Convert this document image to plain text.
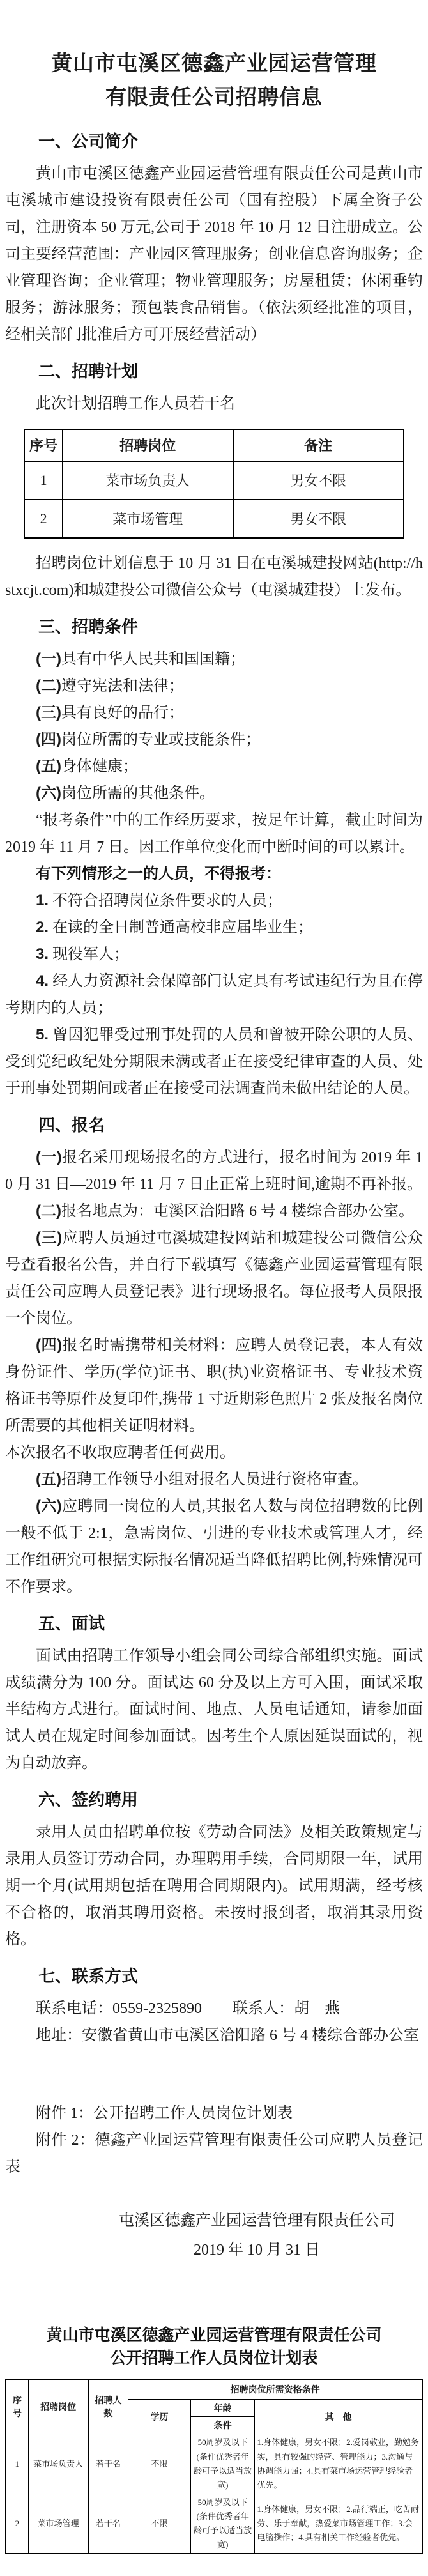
黄山市屯溪区德鑫产业园运营管理
有限责任公司招聘信息
一、公司简介

黄山市屯溪区德鑫产业园运营管理有限责任公司是黄山市屯溪城市建设投资有限责任公司（国有控股）下属全资子公司，注册资本 50 万元,公司于 2018 年 10 月 12 日注册成立。公司主要经营范围：产业园区管理服务；创业信息咨询服务；企业管理咨询；企业管理；物业管理服务；房屋租赁；休闲垂钓服务；游泳服务；预包装食品销售。（依法须经批准的项目，经相关部门批准后方可开展经营活动）

二、招聘计划

此次计划招聘工作人员若干名

序号	招聘岗位	备注
1	菜市场负责人	男女不限
2	菜市场管理	男女不限

招聘岗位计划信息于 10 月 31 日在屯溪城建投网站(http://hstxcjt.com)和城建投公司微信公众号（屯溪城建投）上发布。

三、招聘条件

(一)具有中华人民共和国国籍；

(二)遵守宪法和法律；

(三)具有良好的品行；

(四)岗位所需的专业或技能条件；

(五)身体健康；

(六)岗位所需的其他条件。

“报考条件”中的工作经历要求，按足年计算，截止时间为 2019 年 11 月 7 日。因工作单位变化而中断时间的可以累计。

有下列情形之一的人员，不得报考：

1. 不符合招聘岗位条件要求的人员；

2. 在读的全日制普通高校非应届毕业生；

3. 现役军人；

4. 经人力资源社会保障部门认定具有考试违纪行为且在停考期内的人员；

5. 曾因犯罪受过刑事处罚的人员和曾被开除公职的人员、受到党纪政纪处分期限未满或者正在接受纪律审查的人员、处于刑事处罚期间或者正在接受司法调查尚未做出结论的人员。

四、报名

(一)报名采用现场报名的方式进行，报名时间为 2019 年 10 月 31 日—2019 年 11 月 7 日止正常上班时间,逾期不再补报。

(二)报名地点为：屯溪区洽阳路 6 号 4 楼综合部办公室。

(三)应聘人员通过屯溪城建投网站和城建投公司微信公众号查看报名公告，并自行下载填写《德鑫产业园运营管理有限责任公司应聘人员登记表》进行现场报名。每位报考人员限报一个岗位。

(四)报名时需携带相关材料：应聘人员登记表，本人有效身份证件、学历(学位)证书、职(执)业资格证书、专业技术资格证书等原件及复印件,携带 1 寸近期彩色照片 2 张及报名岗位所需要的其他相关证明材料。

本次报名不收取应聘者任何费用。

(五)招聘工作领导小组对报名人员进行资格审查。

(六)应聘同一岗位的人员,其报名人数与岗位招聘数的比例一般不低于 2:1，急需岗位、引进的专业技术或管理人才，经工作组研究可根据实际报名情况适当降低招聘比例,特殊情况可不作要求。

五、面试

面试由招聘工作领导小组会同公司综合部组织实施。面试成绩满分为 100 分。面试达 60 分及以上方可入围，面试采取半结构方式进行。面试时间、地点、人员电话通知，请参加面试人员在规定时间参加面试。因考生个人原因延误面试的，视为自动放弃。

六、签约聘用

录用人员由招聘单位按《劳动合同法》及相关政策规定与录用人员签订劳动合同，办理聘用手续，合同期限一年，试用期一个月(试用期包括在聘用合同期限内)。试用期满，经考核不合格的，取消其聘用资格。未按时报到者，取消其录用资格。

七、联系方式

联系电话：0559-2325890　　联系人：胡　燕

地址：安徽省黄山市屯溪区洽阳路 6 号 4 楼综合部办公室

附件 1：公开招聘工作人员岗位计划表

附件 2：德鑫产业园运营管理有限责任公司应聘人员登记表

屯溪区德鑫产业园运营管理有限责任公司
2019 年 10 月 31 日
黄山市屯溪区德鑫产业园运营管理有限责任公司
公开招聘工作人员岗位计划表
序号	招聘岗位	招聘人数	招聘岗位所需资格条件		
			学历	年龄	其　他
				条件	
1	菜市场负责人	若干名	不限	50周岁及以下(条件优秀者年龄可予以适当放宽)	1.身体健康，男女不限；2.爱岗敬业，勤勉务实，具有较强的经营、管理能力；3.沟通与协调能力强；4.具有菜市场运营管理经验者优先。
2	菜市场管理	若干名	不限	50周岁及以下(条件优秀者年龄可予以适当放宽)	1.身体健康，男女不限；2.品行端正，吃苦耐劳、乐于奉献，热爱菜市场管理工作；3.会电脑操作；4.具有相关工作经验者优先。
